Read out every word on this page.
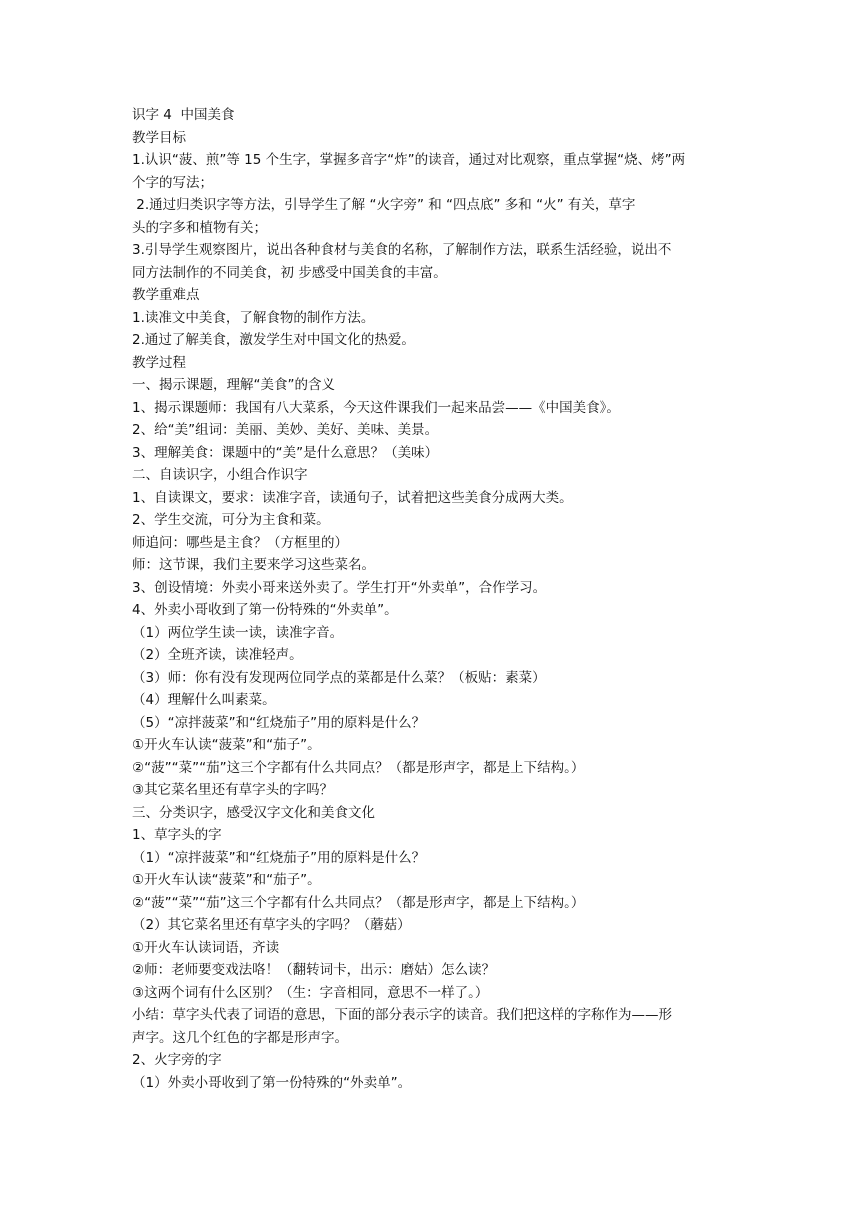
识字 4  中国美食
教学目标
1.认识“菠、煎”等 15 个生字，掌握多音字“炸”的读音，通过对比观察，重点掌握“烧、烤”两
个字的写法；
2.通过归类识字等方法，引导学生了解 “火字旁” 和 “四点底” 多和 “火” 有关，草字
头的字多和植物有关；
3.引导学生观察图片，说出各种食材与美食的名称，了解制作方法，联系生活经验，说出不
同方法制作的不同美食，初 步感受中国美食的丰富。
教学重难点
1.读准文中美食，了解食物的制作方法。
2.通过了解美食，激发学生对中国文化的热爱。
教学过程
一、揭示课题，理解“美食”的含义
1、揭示课题师：我国有八大菜系，今天这件课我们一起来品尝——《中国美食》。
2、给“美”组词：美丽、美妙、美好、美味、美景。
3、理解美食：课题中的“美”是什么意思？（美味）
二、自读识字，小组合作识字
1、自读课文，要求：读准字音，读通句子，试着把这些美食分成两大类。
2、学生交流，可分为主食和菜。
师追问：哪些是主食？（方框里的）
师：这节课，我们主要来学习这些菜名。
3、创设情境：外卖小哥来送外卖了。学生打开“外卖单”，合作学习。
4、外卖小哥收到了第一份特殊的“外卖单”。
（1）两位学生读一读，读准字音。
（2）全班齐读，读准轻声。
（3）师：你有没有发现两位同学点的菜都是什么菜？（板贴：素菜）
（4）理解什么叫素菜。
（5）“凉拌菠菜”和“红烧茄子”用的原料是什么？
①开火车认读“菠菜”和“茄子”。
②“菠”“菜”“茄”这三个字都有什么共同点？（都是形声字，都是上下结构。）
③其它菜名里还有草字头的字吗？
三、分类识字，感受汉字文化和美食文化
1、草字头的字
（1）“凉拌菠菜”和“红烧茄子”用的原料是什么？
①开火车认读“菠菜”和“茄子”。
②“菠”“菜”“茄”这三个字都有什么共同点？（都是形声字，都是上下结构。）
（2）其它菜名里还有草字头的字吗？（蘑菇）
①开火车认读词语，齐读
②师：老师要变戏法咯！（翻转词卡，出示：磨姑）怎么读？
③这两个词有什么区别？（生：字音相同，意思不一样了。）
小结：草字头代表了词语的意思，下面的部分表示字的读音。我们把这样的字称作为——形
声字。这几个红色的字都是形声字。
2、火字旁的字
（1）外卖小哥收到了第一份特殊的“外卖单”。
